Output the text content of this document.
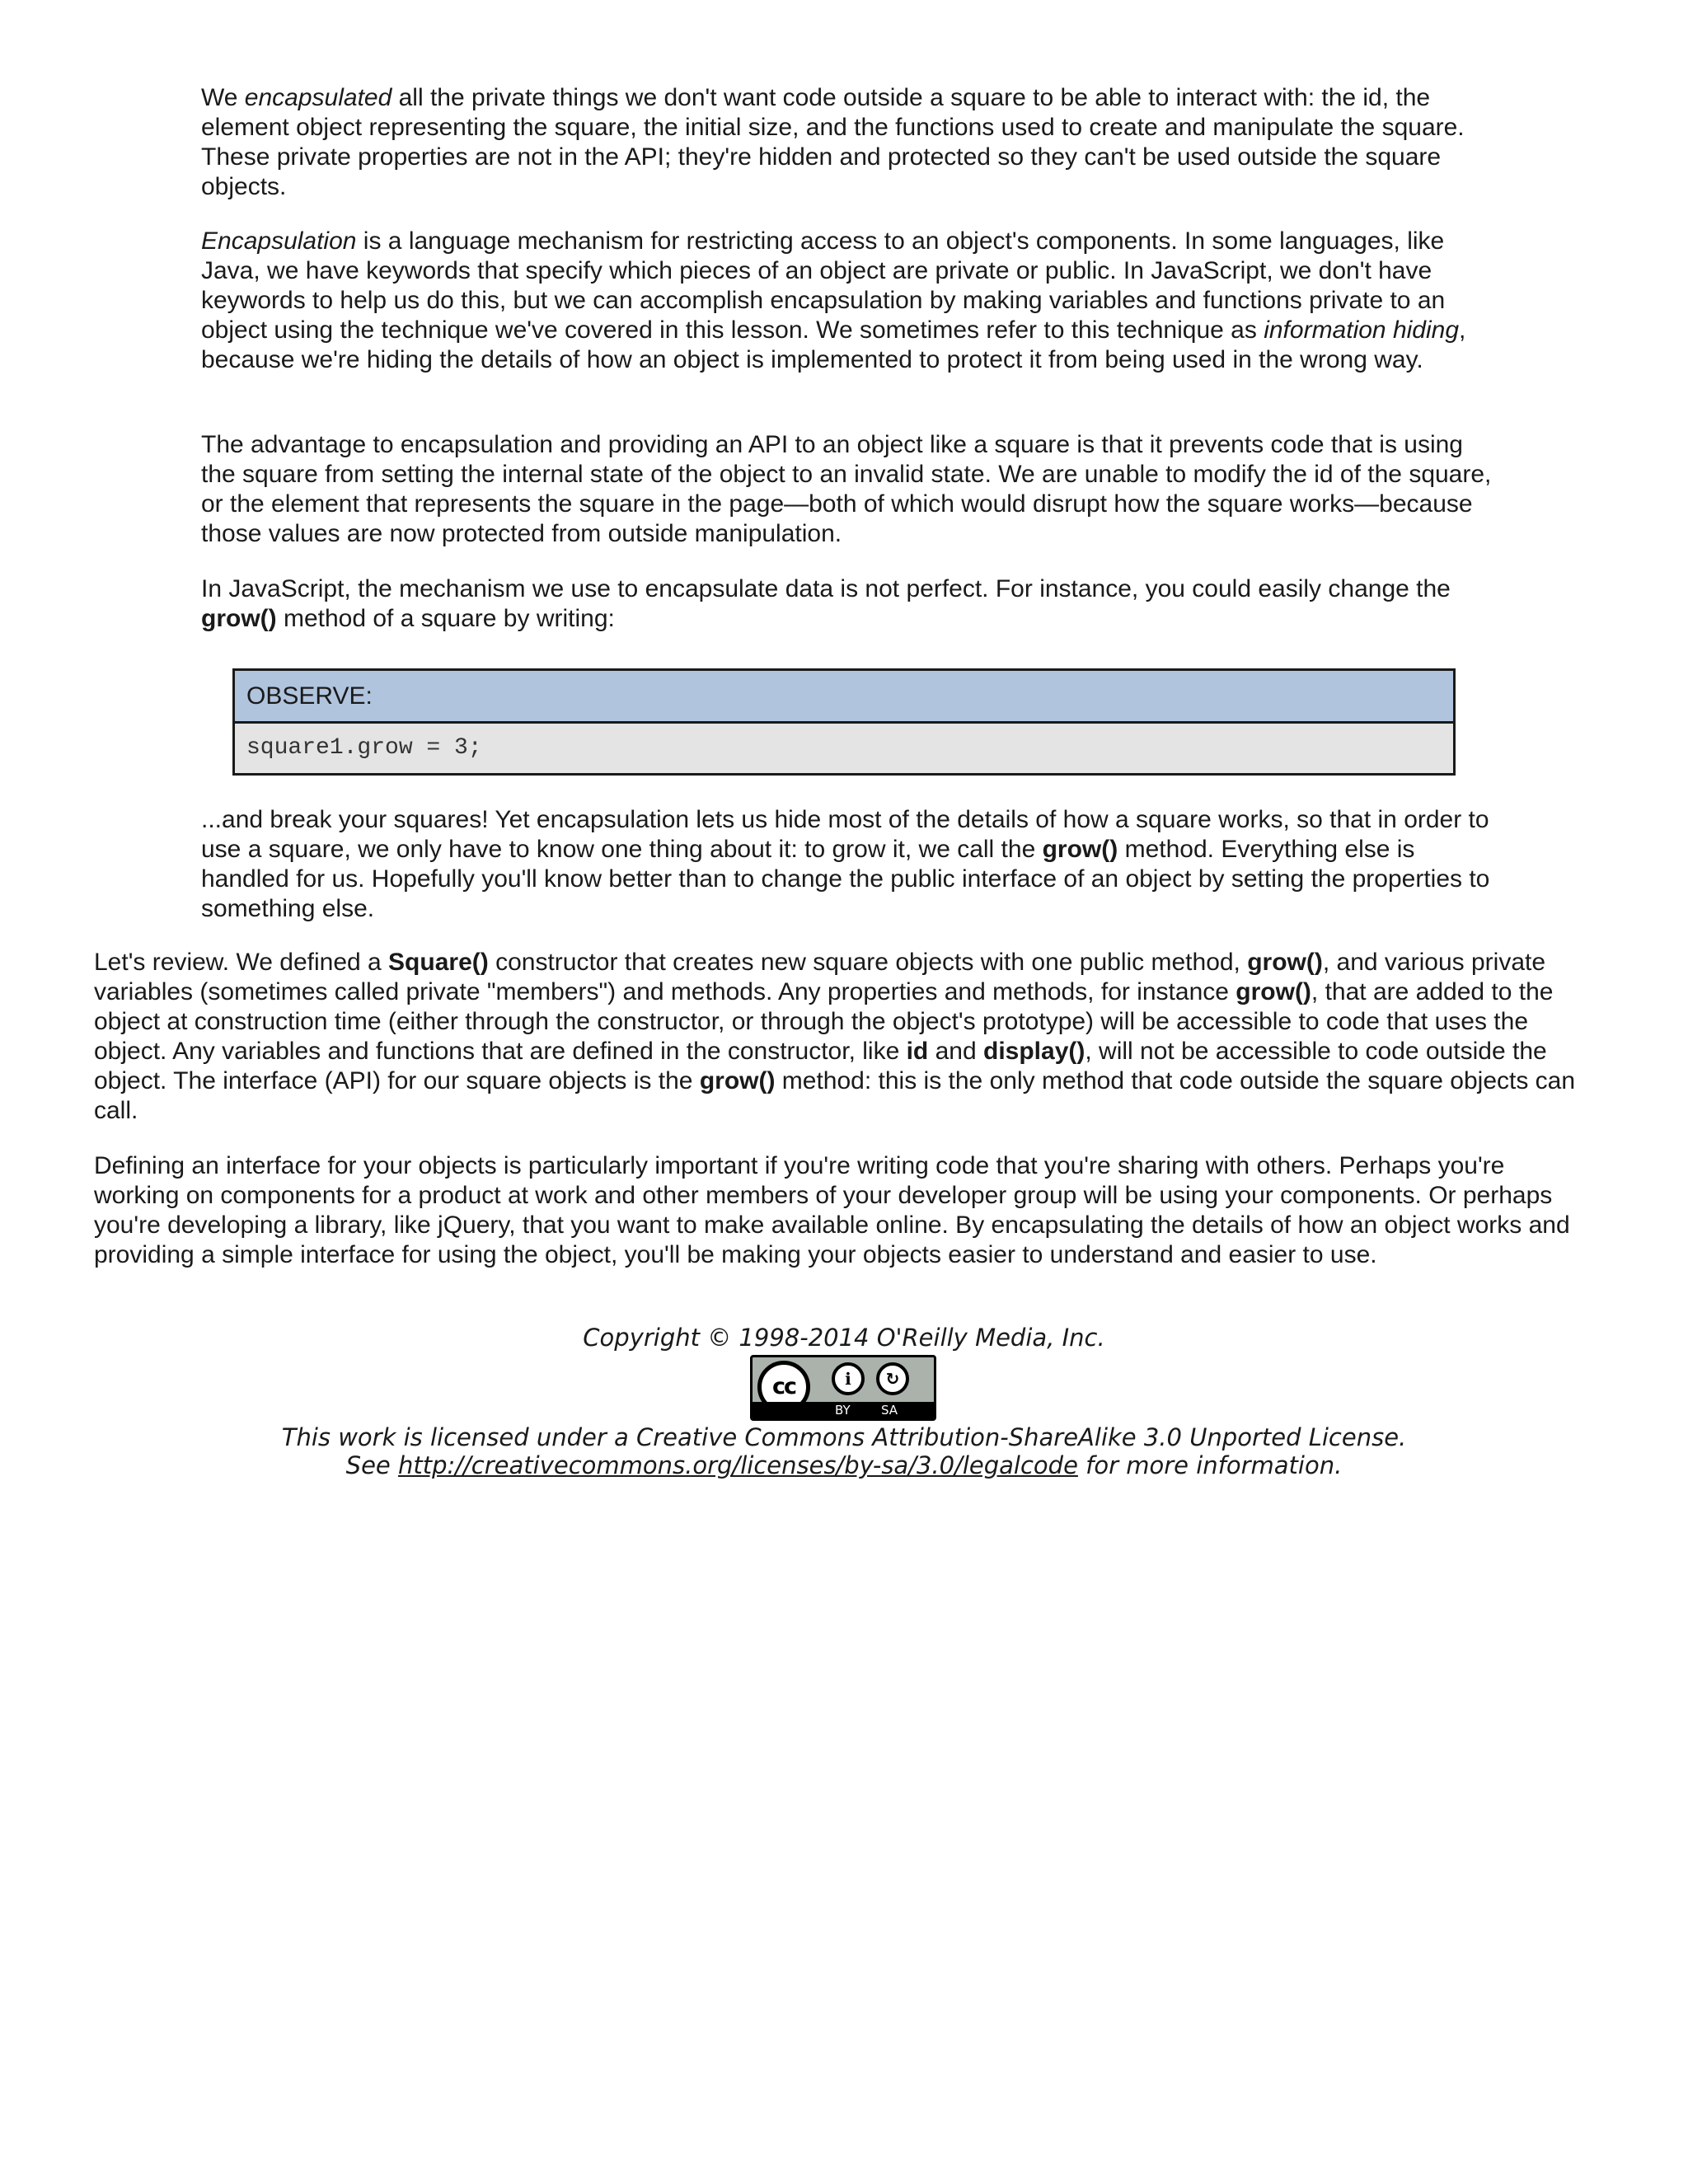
We encapsulated all the private things we don't want code outside a square to be able to interact with: the id, the element object representing the square, the initial size, and the functions used to create and manipulate the square. These private properties are not in the API; they're hidden and protected so they can't be used outside the square objects.

Encapsulation is a language mechanism for restricting access to an object's components. In some languages, like Java, we have keywords that specify which pieces of an object are private or public. In JavaScript, we don't have keywords to help us do this, but we can accomplish encapsulation by making variables and functions private to an object using the technique we've covered in this lesson. We sometimes refer to this technique as information hiding, because we're hiding the details of how an object is implemented to protect it from being used in the wrong way.

The advantage to encapsulation and providing an API to an object like a square is that it prevents code that is using the square from setting the internal state of the object to an invalid state. We are unable to modify the id of the square, or the element that represents the square in the page—both of which would disrupt how the square works—because those values are now protected from outside manipulation.

In JavaScript, the mechanism we use to encapsulate data is not perfect. For instance, you could easily change the grow() method of a square by writing:

OBSERVE:
square1.grow = 3;

...and break your squares! Yet encapsulation lets us hide most of the details of how a square works, so that in order to use a square, we only have to know one thing about it: to grow it, we call the grow() method. Everything else is handled for us. Hopefully you'll know better than to change the public interface of an object by setting the properties to something else.

Let's review. We defined a Square() constructor that creates new square objects with one public method, grow(), and various private variables (sometimes called private "members") and methods. Any properties and methods, for instance grow(), that are added to the object at construction time (either through the constructor, or through the object's prototype) will be accessible to code that uses the object. Any variables and functions that are defined in the constructor, like id and display(), will not be accessible to code outside the object. The interface (API) for our square objects is the grow() method: this is the only method that code outside the square objects can call.

Defining an interface for your objects is particularly important if you're writing code that you're sharing with others. Perhaps you're working on components for a product at work and other members of your developer group will be using your components. Or perhaps you're developing a library, like jQuery, that you want to make available online. By encapsulating the details of how an object works and providing a simple interface for using the object, you'll be making your objects easier to understand and easier to use.

Copyright © 1998-2014 O'Reilly Media, Inc.
cc	ℹ	↻
BY SA
This work is licensed under a Creative Commons Attribution-ShareAlike 3.0 Unported License.
See http://creativecommons.org/licenses/by-sa/3.0/legalcode for more information.
